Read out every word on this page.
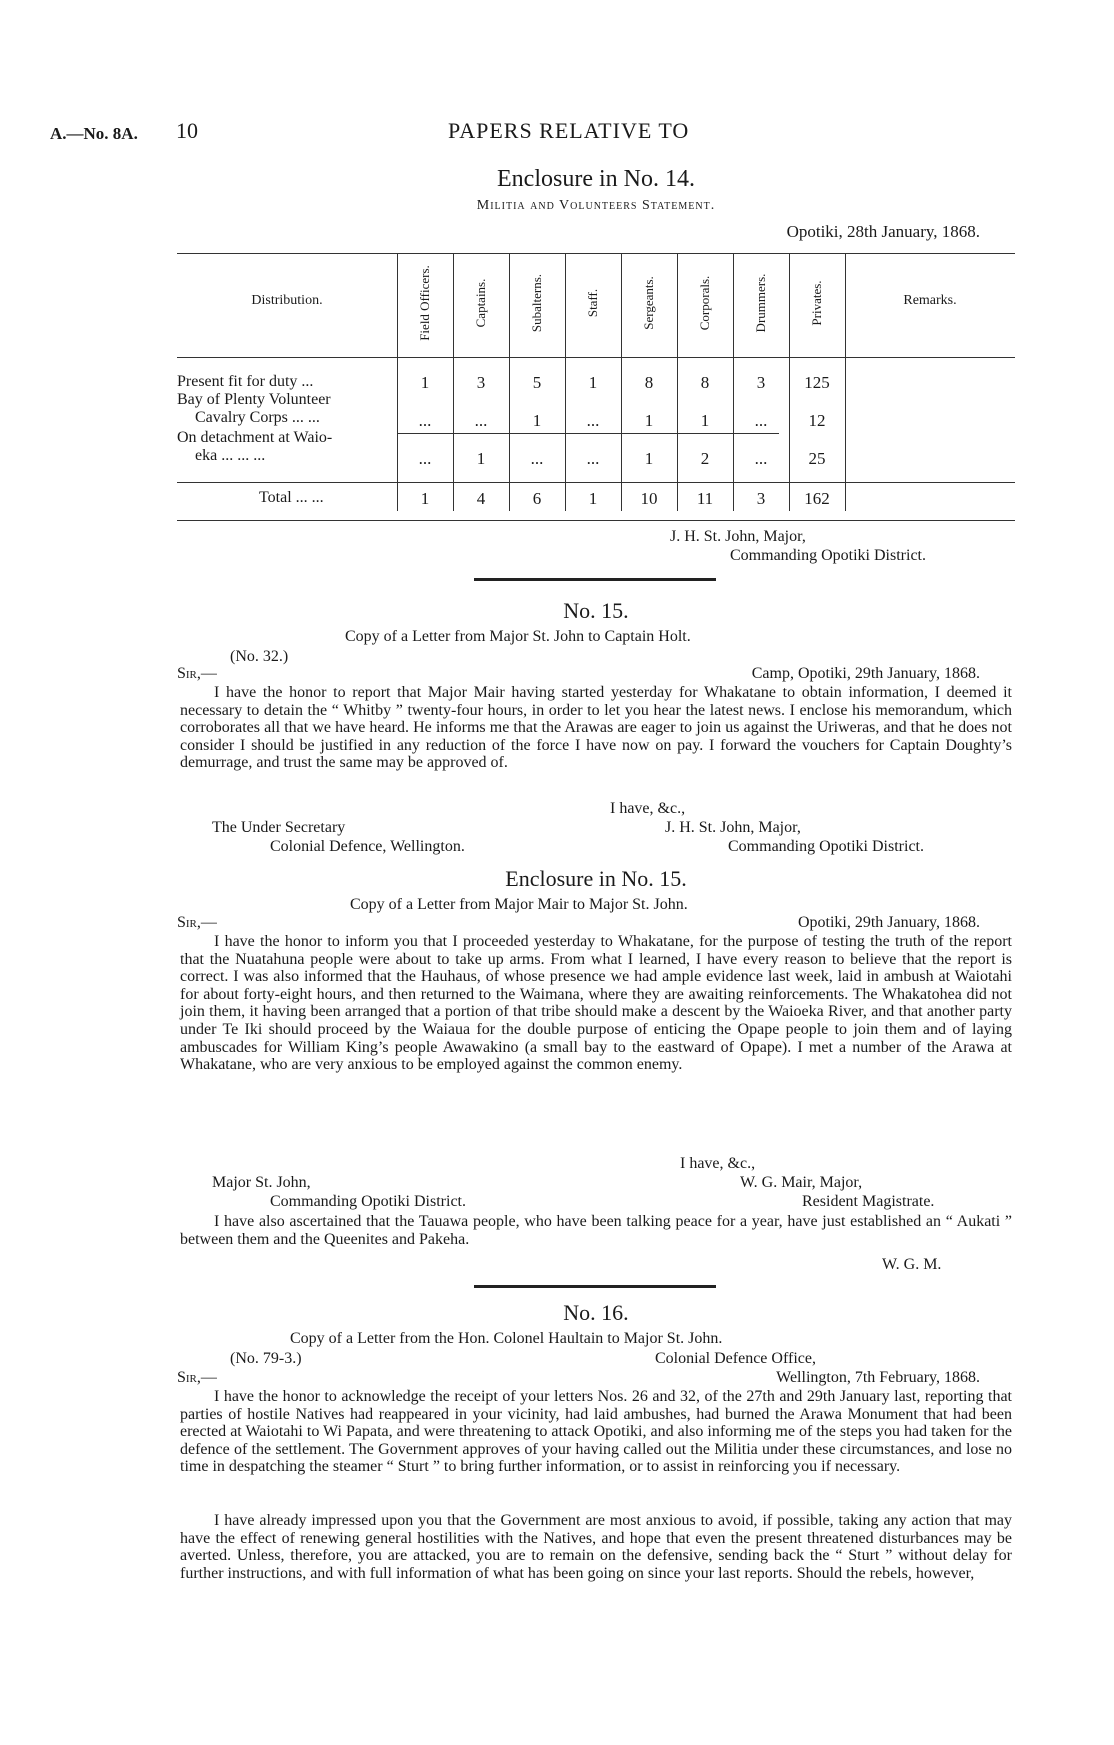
A.—No. 8A. 10	PAPERS RELATIVE TO
Enclosure in No. 14.
Militia and Volunteers Statement.
Opotiki, 28th January, 1868.
Distribution.	Remarks.
Field Officers.	Captains.	Subalterns.	Staff.	Sergeants.	Corporals.	Drummers.	Privates.
Present fit for duty ...	1	3	5	1	8	8	3	125
Bay of Plenty Volunteer
Cavalry Corps ... ...	...	...	1	...	1	1	...	12
On detachment at Waio-
eka ... ... ...	...	1	...	...	1	2	...	25
Total ... ...	1	4	6	1	10	11	3	162
J. H. St. John, Major,
Commanding Opotiki District.
No. 15.
Copy of a Letter from Major St. John to Captain Holt.
(No. 32.)
Sir,—	Camp, Opotiki, 29th January, 1868.

I have the honor to report that Major Mair having started yesterday for Whakatane to obtain information, I deemed it necessary to detain the “ Whitby ” twenty-four hours, in order to let you hear the latest news. I enclose his memorandum, which corroborates all that we have heard. He informs me that the Arawas are eager to join us against the Uriweras, and that he does not consider I should be justified in any reduction of the force I have now on pay. I forward the vouchers for Captain Doughty’s demurrage, and trust the same may be approved of.

I have, &c.,
The Under Secretary
Colonial Defence, Wellington.
J. H. St. John, Major,
Commanding Opotiki District.
Enclosure in No. 15.
Copy of a Letter from Major Mair to Major St. John.
Sir,—	Opotiki, 29th January, 1868.

I have the honor to inform you that I proceeded yesterday to Whakatane, for the purpose of testing the truth of the report that the Nuatahuna people were about to take up arms. From what I learned, I have every reason to believe that the report is correct. I was also informed that the Hauhaus, of whose presence we had ample evidence last week, laid in ambush at Waiotahi for about forty-eight hours, and then returned to the Waimana, where they are awaiting reinforcements. The Whakatohea did not join them, it having been arranged that a portion of that tribe should make a descent by the Waioeka River, and that another party under Te Iki should proceed by the Waiaua for the double purpose of enticing the Opape people to join them and of laying ambuscades for William King’s people Awawakino (a small bay to the eastward of Opape). I met a number of the Arawa at Whakatane, who are very anxious to be employed against the common enemy.

I have, &c.,
Major St. John,
Commanding Opotiki District.
W. G. Mair, Major,
Resident Magistrate.

I have also ascertained that the Tauawa people, who have been talking peace for a year, have just established an “ Aukati ” between them and the Queenites and Pakeha.

W. G. M.
No. 16.
Copy of a Letter from the Hon. Colonel Haultain to Major St. John.
(No. 79-3.)	Colonial Defence Office,
Sir,—	Wellington, 7th February, 1868.

I have the honor to acknowledge the receipt of your letters Nos. 26 and 32, of the 27th and 29th January last, reporting that parties of hostile Natives had reappeared in your vicinity, had laid ambushes, had burned the Arawa Monument that had been erected at Waiotahi to Wi Papata, and were threatening to attack Opotiki, and also informing me of the steps you had taken for the defence of the settlement. The Government approves of your having called out the Militia under these circumstances, and lose no time in despatching the steamer “ Sturt ” to bring further information, or to assist in reinforcing you if necessary.

I have already impressed upon you that the Government are most anxious to avoid, if possible, taking any action that may have the effect of renewing general hostilities with the Natives, and hope that even the present threatened disturbances may be averted. Unless, therefore, you are attacked, you are to remain on the defensive, sending back the “ Sturt ” without delay for further instructions, and with full information of what has been going on since your last reports. Should the rebels, however,
